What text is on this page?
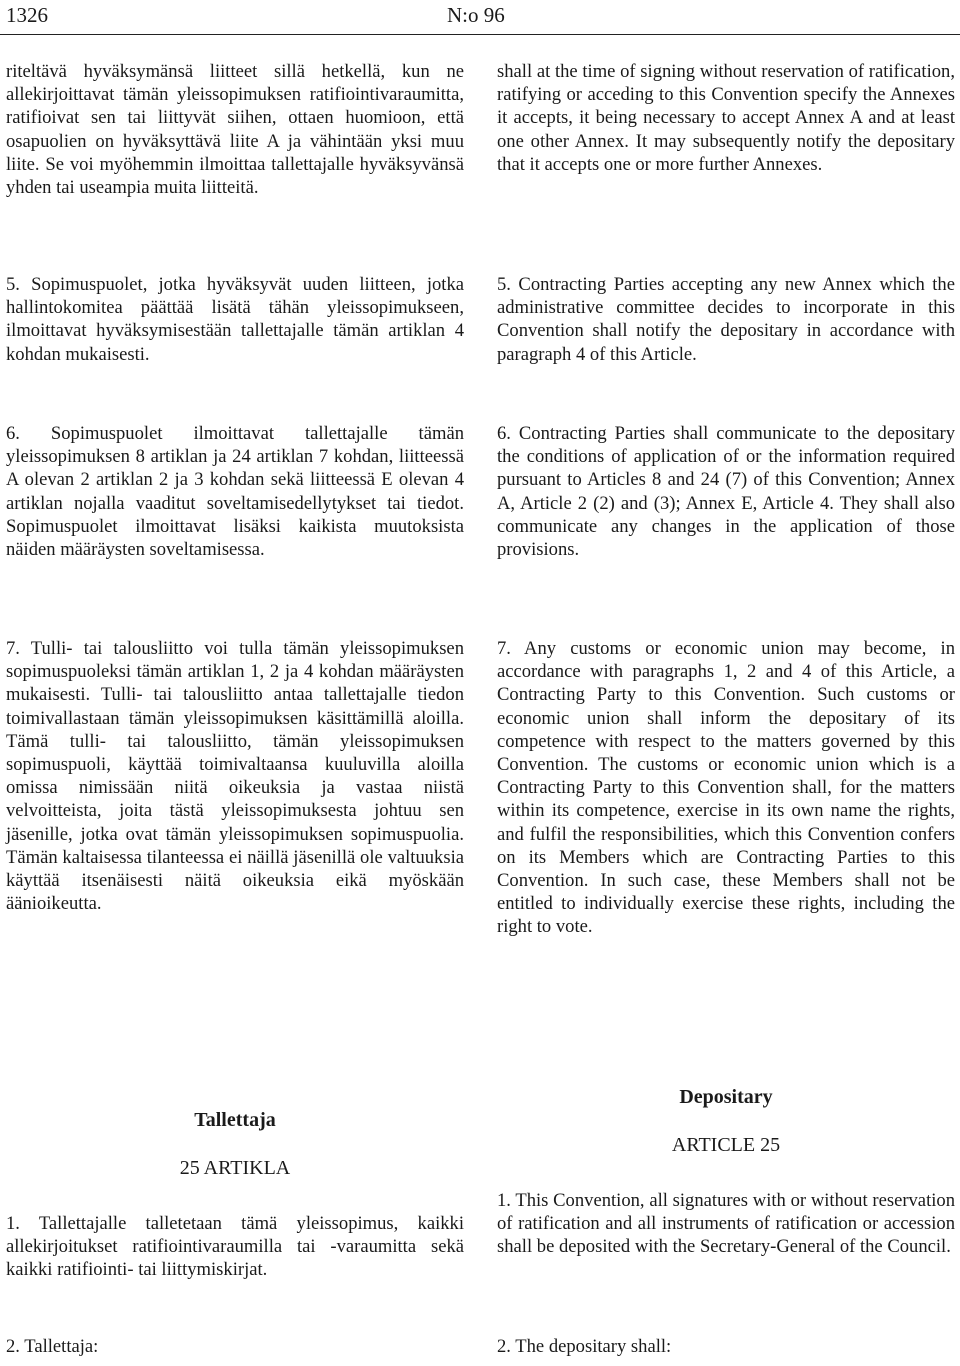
1326	N:o 96

riteltävä hyväksymänsä liitteet sillä hetkellä, kun ne allekirjoittavat tämän yleissopimuksen ratifiointivaraumitta, ratifioivat sen tai liittyvät siihen, ottaen huomioon, että osapuolien on hyväksyttävä liite A ja vähintään yksi muu liite. Se voi myöhemmin ilmoittaa tallettajalle hyväksyvänsä yhden tai useampia muita liitteitä.

5. Sopimuspuolet, jotka hyväksyvät uuden liitteen, jotka hallintokomitea päättää lisätä tähän yleissopimukseen, ilmoittavat hyväksymisestään tallettajalle tämän artiklan 4 kohdan mukaisesti.

6. Sopimuspuolet ilmoittavat tallettajalle tämän yleissopimuksen 8 artiklan ja 24 artiklan 7 kohdan, liitteessä A olevan 2 artiklan 2 ja 3 kohdan sekä liitteessä E olevan 4 artiklan nojalla vaaditut soveltamisedellytykset tai tiedot. Sopimuspuolet ilmoittavat lisäksi kaikista muutoksista näiden määräysten soveltamisessa.

7. Tulli- tai talousliitto voi tulla tämän yleissopimuksen sopimuspuoleksi tämän artiklan 1, 2 ja 4 kohdan määräysten mukaisesti. Tulli- tai talousliitto antaa tallettajalle tiedon toimivallastaan tämän yleissopimuksen käsittämillä aloilla. Tämä tulli- tai talousliitto, tämän yleissopimuksen sopimuspuoli, käyttää toimivaltaansa kuuluvilla aloilla omissa nimissään niitä oikeuksia ja vastaa niistä velvoitteista, joita tästä yleissopimuksesta johtuu sen jäsenille, jotka ovat tämän yleissopimuksen sopimuspuolia. Tämän kaltaisessa tilanteessa ei näillä jäsenillä ole valtuuksia käyttää itsenäisesti näitä oikeuksia eikä myöskään äänioikeutta.

shall at the time of signing without reservation of ratification, ratifying or acceding to this Convention specify the Annexes it accepts, it being necessary to accept Annex A and at least one other Annex. It may subsequently notify the depositary that it accepts one or more further Annexes.

5. Contracting Parties accepting any new Annex which the administrative committee decides to incorporate in this Convention shall notify the depositary in accordance with paragraph 4 of this Article.

6. Contracting Parties shall communicate to the depositary the conditions of application of or the information required pursuant to Articles 8 and 24 (7) of this Convention; Annex A, Article 2 (2) and (3); Annex E, Article 4. They shall also communicate any changes in the application of those provisions.

7. Any customs or economic union may become, in accordance with paragraphs 1, 2 and 4 of this Article, a Contracting Party to this Convention. Such customs or economic union shall inform the depositary of its competence with respect to the matters governed by this Convention. The customs or economic union which is a Contracting Party to this Convention shall, for the matters within its competence, exercise in its own name the rights, and fulfil the responsibilities, which this Convention confers on its Members which are Contracting Parties to this Convention. In such case, these Members shall not be entitled to individually exercise these rights, including the right to vote.

Tallettaja
25 ARTIKLA
Depositary
ARTICLE 25

1. Tallettajalle talletetaan tämä yleissopimus, kaikki allekirjoitukset ratifiointivaraumilla tai -varaumitta sekä kaikki ratifiointi- tai liittymiskirjat.

2. Tallettaja:

1. This Convention, all signatures with or without reservation of ratification and all instruments of ratification or accession shall be deposited with the Secretary-General of the Council.

2. The depositary shall:
